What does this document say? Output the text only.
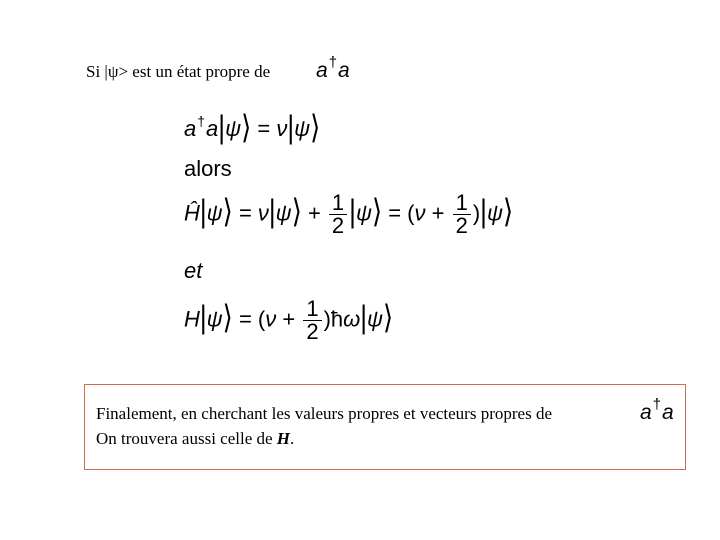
Si |ψ> est un état propre de a†a
a†a|ψ⟩ = ν|ψ⟩
alors
Ĥ|ψ⟩ = ν|ψ⟩ + $\frac{1}{2}$ |ψ⟩ = ($\nu + \frac{1}{2}$ )|ψ⟩
et
H|ψ⟩ = ($\nu + \frac{1}{2}$ )ħω|ψ⟩
Finalement, en cherchant les valeurs propres et vecteurs propres de
On trouvera aussi celle de H.
a†a
